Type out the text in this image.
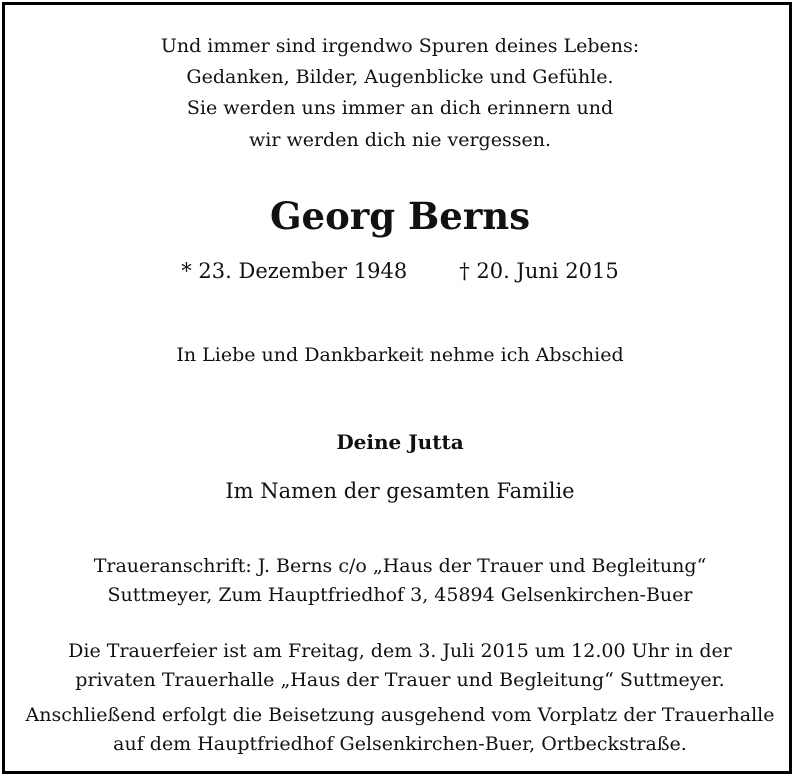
Und immer sind irgendwo Spuren deines Lebens:
Gedanken, Bilder, Augenblicke und Gefühle.
Sie werden uns immer an dich erinnern und
wir werden dich nie vergessen.
Georg Berns
* 23. Dezember 1948 † 20. Juni 2015
In Liebe und Dankbarkeit nehme ich Abschied
Deine Jutta
Im Namen der gesamten Familie
Traueranschrift: J. Berns c/o „Haus der Trauer und Begleitung“
Suttmeyer, Zum Hauptfriedhof 3, 45894 Gelsenkirchen-Buer
Die Trauerfeier ist am Freitag, dem 3. Juli 2015 um 12.00 Uhr in der
privaten Trauerhalle „Haus der Trauer und Begleitung“ Suttmeyer.
Anschließend erfolgt die Beisetzung ausgehend vom Vorplatz der Trauerhalle
auf dem Hauptfriedhof Gelsenkirchen-Buer, Ortbeckstraße.
